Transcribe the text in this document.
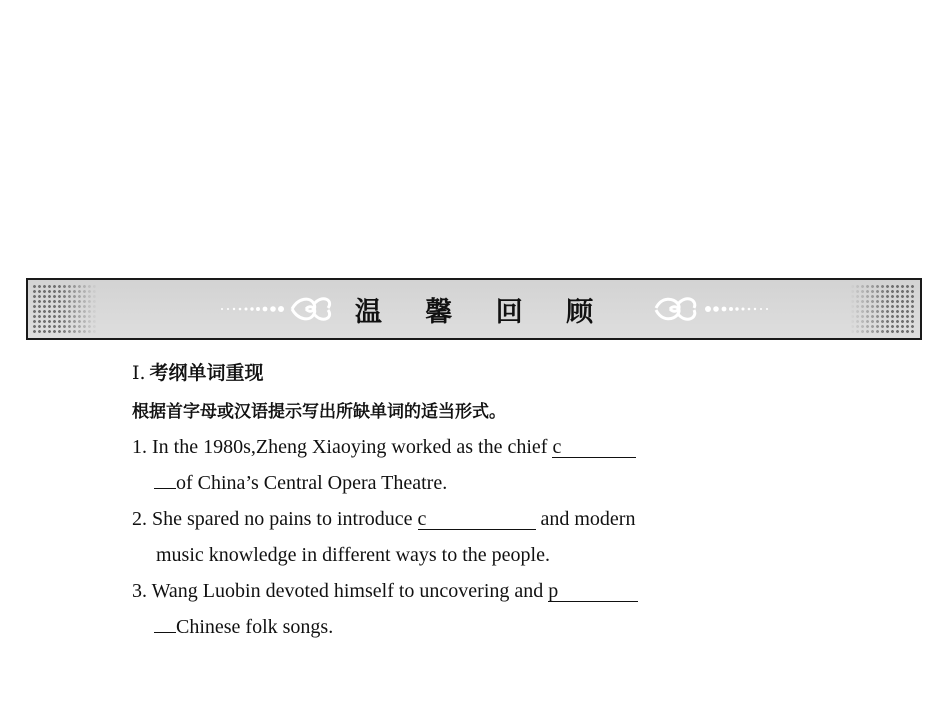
温 馨 回 顾
Ⅰ. 考纲单词重现
根据首字母或汉语提示写出所缺单词的适当形式。
1. In the 1980s,Zheng Xiaoying worked as the chief c
of China’s Central Opera Theatre.
2. She spared no pains to introduce c	and modern
music knowledge in different ways to the people.
3. Wang Luobin devoted himself to uncovering and p
Chinese folk songs.
